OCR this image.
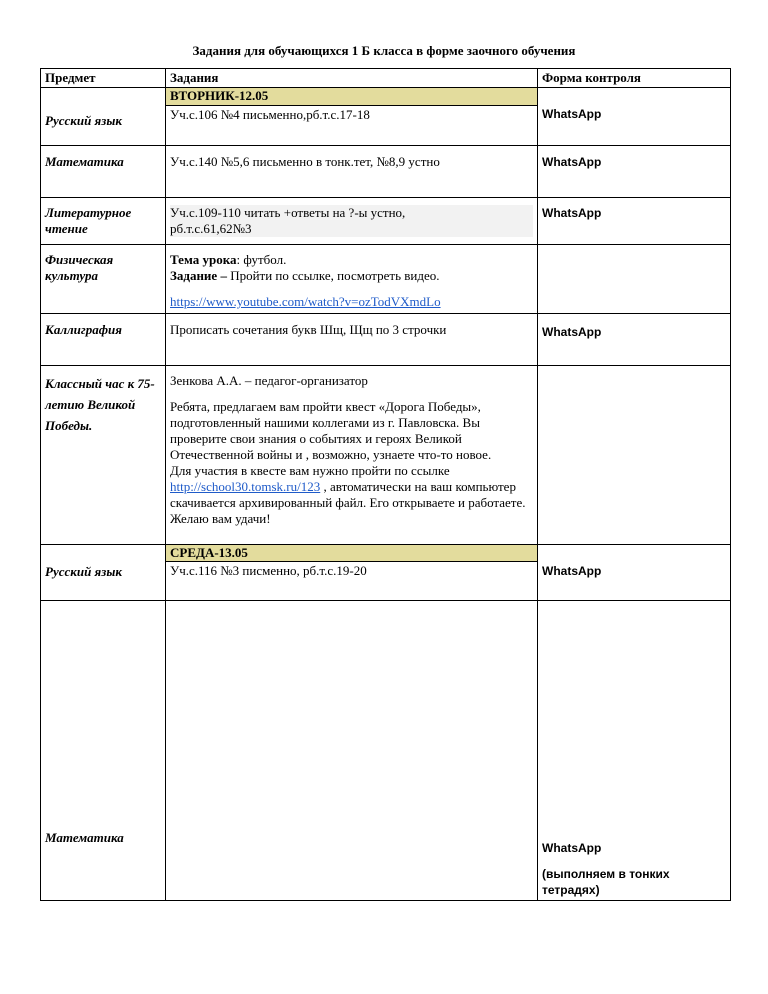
Задания для обучающихся 1 Б класса в форме заочного обучения
Предмет	Задания	Форма контроля
Русский язык	ВТОРНИК-12.05	WhatsApp
	Уч.с.106 №4 письменно,рб.т.с.17-18	
Математика	Уч.с.140 №5,6 письменно в тонк.тет, №8,9 устно	WhatsApp
Литературное чтение	Уч.с.109-110 читать +ответы на ?-ы устно,
рб.т.с.61,62№3	WhatsApp
Физическая культура	Тема урока: футбол.
Задание – Пройти по ссылке, посмотреть видео.
https://www.youtube.com/watch?v=ozTodVXmdLo	

Каллиграфия	Прописать сочетания букв Шщ, Щщ по 3 строчки	WhatsApp
Классный час к 75-летию Великой Победы.	Зенкова А.А. – педагог-организатор
Ребята, предлагаем вам пройти квест «Дорога Победы», подготовленный нашими коллегами из г. Павловска. Вы проверите свои знания о событиях и героях Великой Отечественной войны и , возможно, узнаете что-то новое.
Для участия в квесте вам нужно пройти по ссылке http://school30.tomsk.ru/123 , автоматически на ваш компьютер скачивается архивированный файл. Его открываете и работаете. Желаю вам удачи!	

Русский язык	СРЕДА-13.05	WhatsApp
	Уч.с.116 №3 писменно, рб.т.с.19-20	
Математика		WhatsApp
(выполняем в тонких тетрадях)
